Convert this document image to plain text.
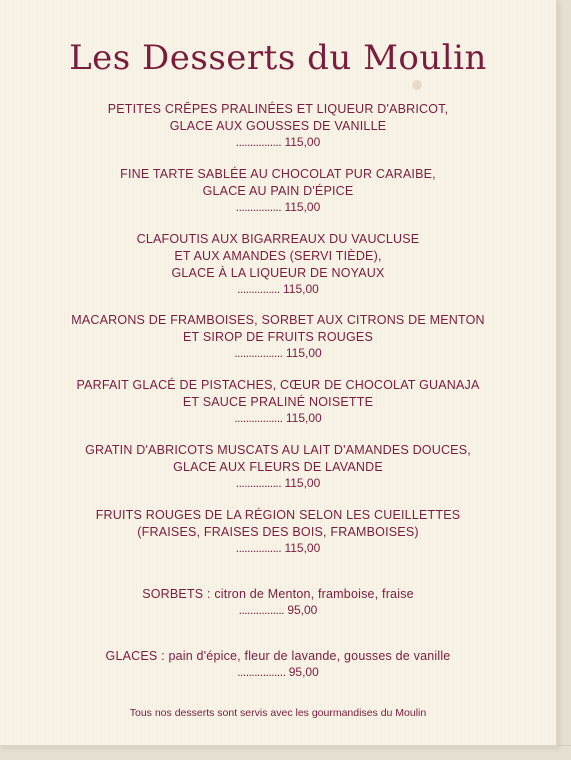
Les Desserts du Moulin
PETITES CRÊPES PRALINÉES ET LIQUEUR D'ABRICOT,
GLACE AUX GOUSSES DE VANILLE
................ 115,00
FINE TARTE SABLÉE AU CHOCOLAT PUR CARAIBE,
GLACE AU PAIN D'ÉPICE
................ 115,00
CLAFOUTIS AUX BIGARREAUX DU VAUCLUSE
ET AUX AMANDES (SERVI TIÈDE),
GLACE À LA LIQUEUR DE NOYAUX
............... 115,00
MACARONS DE FRAMBOISES, SORBET AUX CITRONS DE MENTON
ET SIROP DE FRUITS ROUGES
................. 115,00
PARFAIT GLACÉ DE PISTACHES, CŒUR DE CHOCOLAT GUANAJA
ET SAUCE PRALINÉ NOISETTE
................. 115,00
GRATIN D'ABRICOTS MUSCATS AU LAIT D'AMANDES DOUCES,
GLACE AUX FLEURS DE LAVANDE
................ 115,00
FRUITS ROUGES DE LA RÉGION SELON LES CUEILLETTES
(FRAISES, FRAISES DES BOIS, FRAMBOISES)
................ 115,00
SORBETS : citron de Menton, framboise, fraise
................ 95,00
GLACES : pain d'épice, fleur de lavande, gousses de vanille
................. 95,00
Tous nos desserts sont servis avec les gourmandises du Moulin
